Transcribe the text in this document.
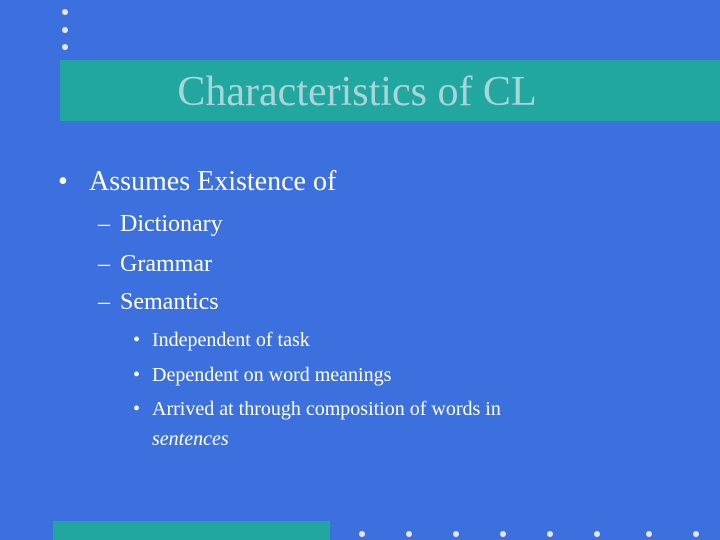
Characteristics of CL
• Assumes Existence of
– Dictionary
– Grammar
– Semantics
• Independent of task
• Dependent on word meanings
• Arrived at through composition of words in
sentences
